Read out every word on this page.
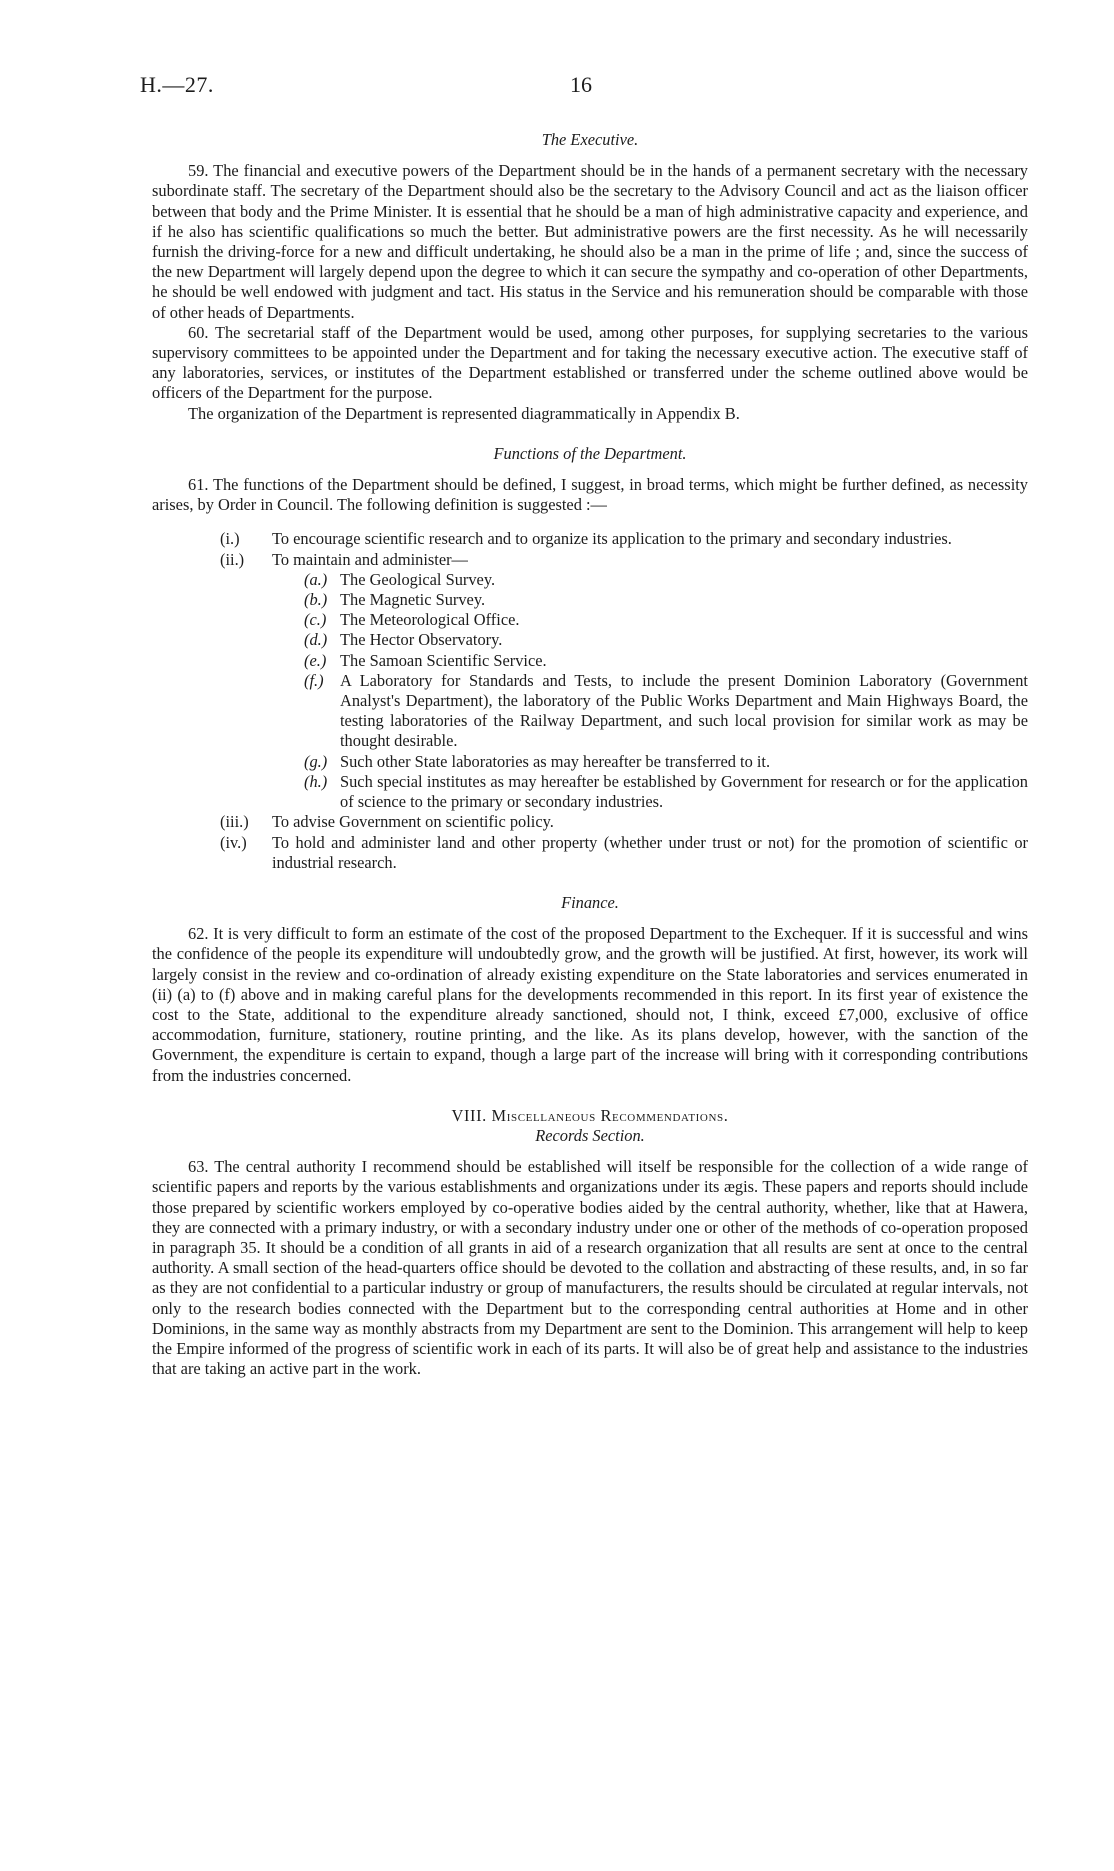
H.—27.	16

The Executive.

59. The financial and executive powers of the Department should be in the hands of a permanent secretary with the necessary subordinate staff. The secretary of the Department should also be the secretary to the Advisory Council and act as the liaison officer between that body and the Prime Minister. It is essential that he should be a man of high administrative capacity and experience, and if he also has scientific qualifications so much the better. But administrative powers are the first necessity. As he will necessarily furnish the driving-force for a new and difficult undertaking, he should also be a man in the prime of life ; and, since the success of the new Department will largely depend upon the degree to which it can secure the sympathy and co-operation of other Departments, he should be well endowed with judgment and tact. His status in the Service and his remuneration should be comparable with those of other heads of Departments.

60. The secretarial staff of the Department would be used, among other purposes, for supplying secretaries to the various supervisory committees to be appointed under the Department and for taking the necessary executive action. The executive staff of any laboratories, services, or institutes of the Department established or transferred under the scheme outlined above would be officers of the Department for the purpose.

The organization of the Department is represented diagrammatically in Appendix B.

Functions of the Department.

61. The functions of the Department should be defined, I suggest, in broad terms, which might be further defined, as necessity arises, by Order in Council. The following definition is suggested :—

(i.)	To encourage scientific research and to organize its application to the primary and secondary industries.
(ii.)	To maintain and administer—
(a.) The Geological Survey.
(b.) The Magnetic Survey.
(c.) The Meteorological Office.
(d.) The Hector Observatory.
(e.) The Samoan Scientific Service.
(f.)	A Laboratory for Standards and Tests, to include the present Dominion Laboratory (Government Analyst's Department), the laboratory of the Public Works Department and Main Highways Board, the testing laboratories of the Railway Department, and such local provision for similar work as may be thought desirable.
(g.) Such other State laboratories as may hereafter be transferred to it.
(h.) Such special institutes as may hereafter be established by Government for research or for the application of science to the primary or secondary industries.
(iii.)	To advise Government on scientific policy.
(iv.)	To hold and administer land and other property (whether under trust or not) for the promotion of scientific or industrial research.

Finance.

62. It is very difficult to form an estimate of the cost of the proposed Department to the Exchequer. If it is successful and wins the confidence of the people its expenditure will undoubtedly grow, and the growth will be justified. At first, however, its work will largely consist in the review and co-ordination of already existing expenditure on the State laboratories and services enumerated in (ii) (a) to (f) above and in making careful plans for the developments recommended in this report. In its first year of existence the cost to the State, additional to the expenditure already sanctioned, should not, I think, exceed £7,000, exclusive of office accommodation, furniture, stationery, routine printing, and the like. As its plans develop, however, with the sanction of the Government, the expenditure is certain to expand, though a large part of the increase will bring with it corresponding contributions from the industries concerned.

VIII. Miscellaneous Recommendations.

Records Section.

63. The central authority I recommend should be established will itself be responsible for the collection of a wide range of scientific papers and reports by the various establishments and organizations under its ægis. These papers and reports should include those prepared by scientific workers employed by co-operative bodies aided by the central authority, whether, like that at Hawera, they are connected with a primary industry, or with a secondary industry under one or other of the methods of co-operation proposed in paragraph 35. It should be a condition of all grants in aid of a research organization that all results are sent at once to the central authority. A small section of the head-quarters office should be devoted to the collation and abstracting of these results, and, in so far as they are not confidential to a particular industry or group of manufacturers, the results should be circulated at regular intervals, not only to the research bodies connected with the Department but to the corresponding central authorities at Home and in other Dominions, in the same way as monthly abstracts from my Department are sent to the Dominion. This arrangement will help to keep the Empire informed of the progress of scientific work in each of its parts. It will also be of great help and assistance to the industries that are taking an active part in the work.
